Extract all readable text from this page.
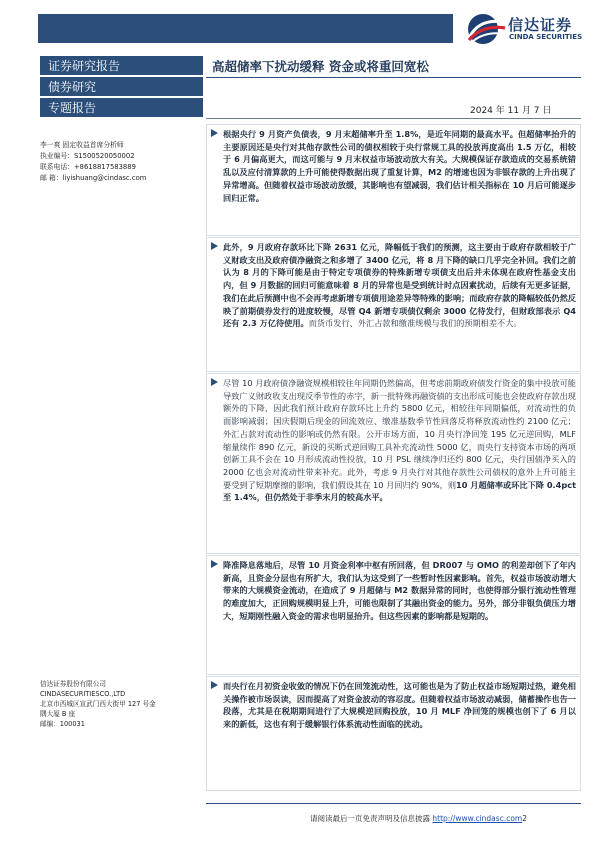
信达证券
CINDA SECURITIES
证券研究报告
债券研究
专题报告
高超储率下扰动缓释 资金或将重回宽松
2024 年 11 月 7 日
李一爽 固定收益首席分析师
执业编号：S1500520050002
联系电话：+8618817583889
邮 箱：liyishuang@cindasc.com
根据央行 9 月资产负债表，9 月末超储率升至 1.8%，是近年同期的最高水平。但超储率抬升的主要原因还是央行对其他存款性公司的债权相较于央行常规工具的投放再度高出 1.5 万亿，相较于 6 月偏高更大，而这可能与 9 月末权益市场波动放大有关。大规模保证存款造成的交易系统错乱以及应付清算款的上升可能使得数据出现了重复计算，M2 的增速也因为非银存款的上升出现了异常增高。但随着权益市场波动放缓，其影响也有望减弱，我们估计相关指标在 10 月后可能逐步回归正常。
此外，9 月政府存款环比下降 2631 亿元，降幅低于我们的预测，这主要由于政府存款相较于广义财政支出及政府债净融资之和多增了 3400 亿元，将 8 月下降的缺口几乎完全补回。我们之前认为 8 月的下降可能是由于特定专项债券的特殊新增专项债支出后并未体现在政府性基金支出内，但 9 月数据的回归可能意味着 8 月的异常也是受到统计时点因素扰动，后续有无更多证据，我们在此后预测中也不会再考虑新增专项债用途差异等特殊的影响；而政府存款的降幅较低仍然反映了前期债券发行的进度较慢，尽管 Q4 新增专项债仅剩余 3000 亿待发行，但财政部表示 Q4 还有 2.3 万亿待使用。而货币发行、外汇占款和缴准规模与我们的预期相差不大。
尽管 10 月政府债净融资规模相较往年同期仍然偏高，但考虑前期政府债发行资金的集中投放可能导致广义财政收支出现反季节性的赤字，新一批特殊再融资债的支出形成可能也会使政府存款出现额外的下降，因此我们预计政府存款环比上升约 5800 亿元，相较往年同期偏低，对流动性的负面影响减弱；国庆假期后现金的回流效应、缴准基数季节性回落反将释放流动性约 2100 亿元；外汇占款对流动性的影响或仍然有限。公开市场方面，10 月央行净回笼 195 亿元逆回购，MLF 缩量续作 890 亿元，新设的买断式逆回购工具补充流动性 5000 亿，而央行支持资本市场的两项创新工具不会在 10 月形成流动性投放，10 月 PSL 继续净归还约 800 亿元，央行国债净买入的 2000 亿也会对流动性带来补充。此外，考虑 9 月央行对其他存款性公司债权的意外上升可能主要受到了短期摩擦的影响，我们假设其在 10 月回归约 90%，则10 月超储率或环比下降 0.4pct 至 1.4%，但仍然处于非季末月的较高水平。
降准降息落地后，尽管 10 月资金利率中枢有所回落，但 DR007 与 OMO 的利差却创下了年内新高，且资金分层也有所扩大，我们认为这受到了一些暂时性因素影响。首先，权益市场波动增大带来的大规模资金流动，在造成了 9 月超储与 M2 数据异常的同时，也使得部分银行流动性管理的难度加大，正回购规模明显上升，可能也限制了其融出资金的能力。另外，部分非银负债压力增大，短期刚性融入资金的需求也明显抬升。但这些因素的影响都是短期的。
而央行在月初资金收敛的情况下仍在回笼流动性，这可能也是为了防止权益市场短期过热，避免相关操作被市场误读，因而提高了对资金波动的容忍度。但随着权益市场波动减弱，储蓄操作也告一段落，尤其是在税期期间进行了大规模逆回购投放，10 月 MLF 净回笼的规模也创下了 6 月以来的新低，这也有利于缓解银行体系流动性面临的扰动。
信达证券股份有限公司
CINDASECURITIESCO.,LTD
北京市西城区宣武门西大街甲 127 号金
隅大厦 B 座
邮编：100031
请阅读最后一页免责声明及信息披露 http://www.cindasc.com2
